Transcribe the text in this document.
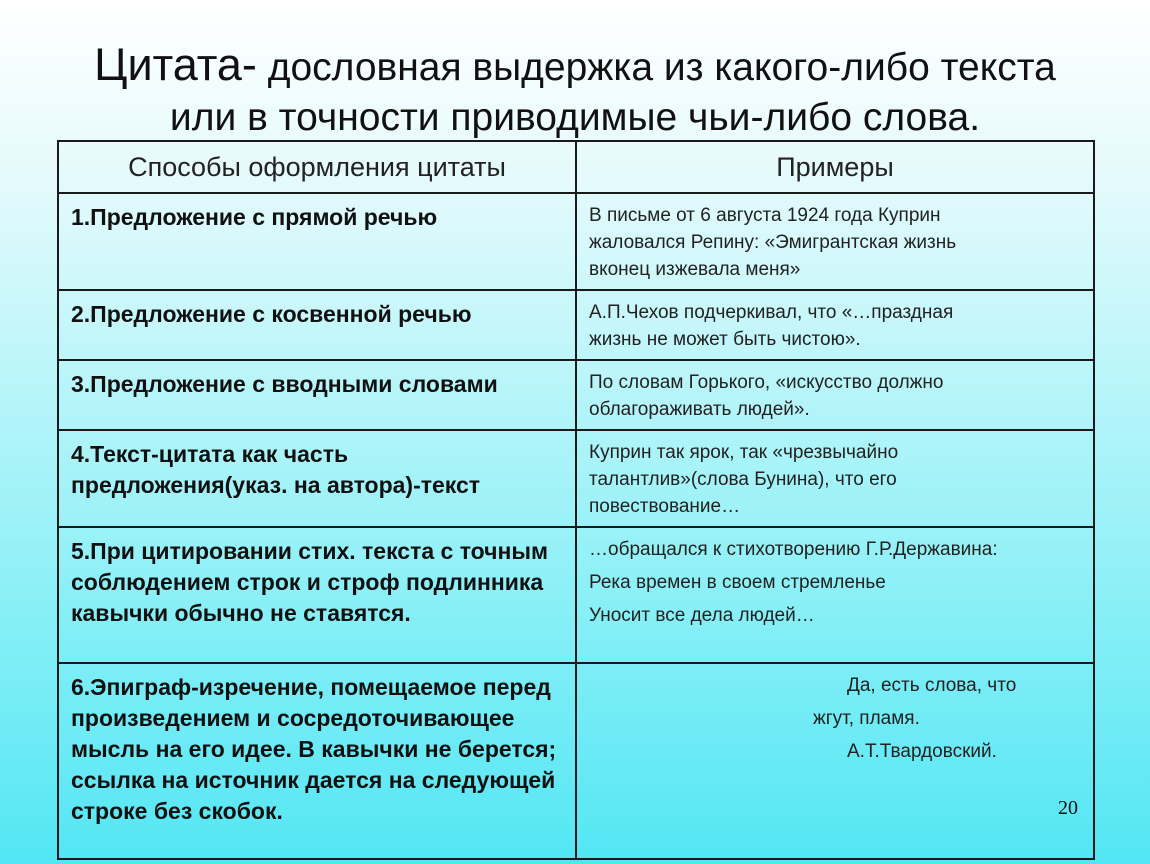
Цитата- дословная выдержка из какого-либо текста
или в точности приводимые чьи-либо слова.
Способы оформления цитаты	Примеры
1.Предложение с прямой речью	В письме от 6 августа 1924 года Куприн
жаловался Репину: «Эмигрантская жизнь
вконец изжевала меня»

2.Предложение с косвенной речью	А.П.Чехов подчеркивал, что «…праздная
жизнь не может быть чистою».

3.Предложение с вводными словами	По словам Горького, «искусство должно
облагораживать людей».

4.Текст-цитата как часть предложения(указ. на автора)-текст	Куприн так ярок, так «чрезвычайно
талантлив»(слова Бунина), что его
повествование…

5.При цитировании стих. текста с точным соблюдением строк и строф подлинника кавычки обычно не ставятся.	…обращался к стихотворению Г.Р.Державина:
Река времен в своем стремленье
Уносит все дела людей…

6.Эпиграф-изречение, помещаемое перед произведением и сосредоточивающее мысль на его идее. В кавычки не берется; ссылка на источник дается на следующей строке без скобок.	Да, есть слова, что
жгут, пламя.
А.Т.Твардовский.
20
